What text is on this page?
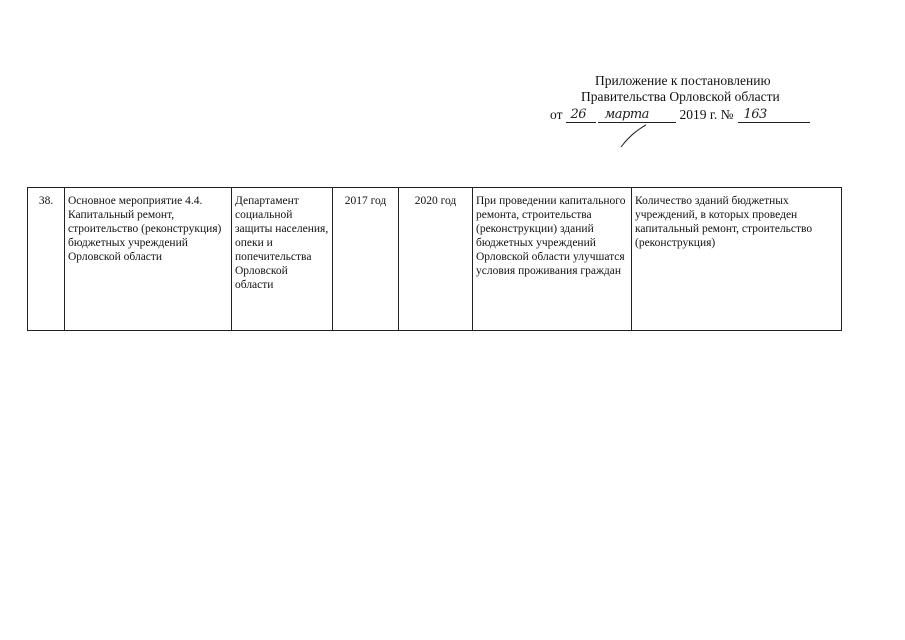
Приложение к постановлению
Правительства Орловской области
от 26 марта 2019 г. № 163
38.	Основное мероприятие 4.4. Капитальный ремонт, строительство (реконструкция) бюджетных учреждений Орловской области	Департамент социальной защиты населения, опеки и попечительства Орловской области	2017 год	2020 год	При проведении капитального ремонта, строительства (реконструкции) зданий бюджетных учреждений Орловской области улучшатся условия проживания граждан	Количество зданий бюджетных учреждений, в которых проведен капитальный ремонт, строительство (реконструкция)
